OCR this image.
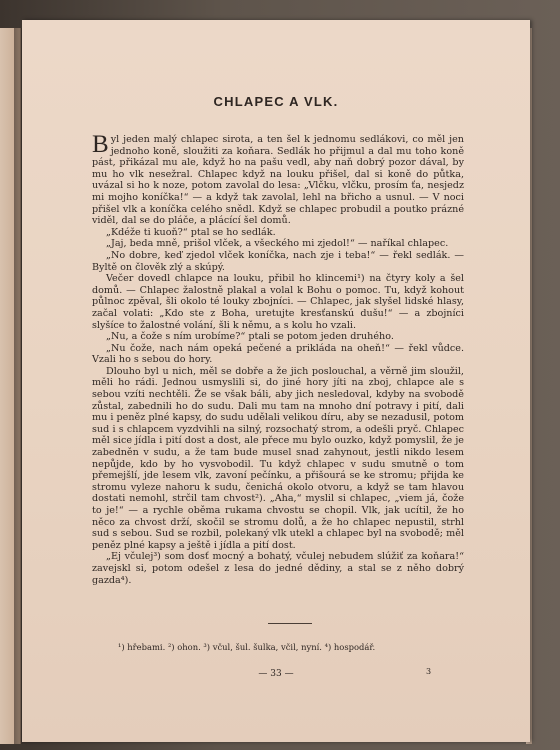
CHLAPEC A VLK.

Byl jeden malý chlapec sirota, a ten šel k jednomu sedlákovi, co měl jen jednoho koně, sloužiti za koňara. Sedlák ho přijmul a dal mu toho koně pást, přikázal mu ale, když ho na pašu vedl, aby naň dobrý pozor dával, by mu ho vlk nesežral. Chlapec když na louku přišel, dal si koně do půtka, uvázal si ho k noze, potom zavolal do lesa: „Vlčku, vlčku, prosím ťa, nesjedz mi mojho koníčka!“ — a když tak zavolal, lehl na břicho a usnul. — V noci přišel vlk a koníčka celého snědl. Když se chlapec probudil a poutko prázné viděl, dal se do pláče, a plácící šel domů.

„Kdéže ti kuoň?“ ptal se ho sedlák.

„Jaj, beda mně, prišol vlček, a všeckého mi zjedol!“ — naříkal chlapec.

„No dobre, keď zjedol vlček koníčka, nach zje i teba!“ — řekl sedlák. — Byltě on člověk zlý a skúpý.

Večer dovedl chlapce na louku, přibil ho klincemi¹) na čtyry koly a šel domů. — Chlapec žalostně plakal a volal k Bohu o pomoc. Tu, když kohout půlnoc zpěval, šli okolo té louky zbojníci. — Chlapec, jak slyšel lidské hlasy, začal volati: „Kdo ste z Boha, uretujte kresťanskú dušu!“ — a zbojníci slyšíce to žalostné volání, šli k němu, a s kolu ho vzali.

„Nu, a čože s ním urobíme?“ ptali se potom jeden druhého.

„Nu čože, nach nám opeká pečené a prikláda na oheň!“ — řekl vůdce. Vzali ho s sebou do hory.

Dlouho byl u nich, měl se dobře a že jich poslouchal, a věrně jim sloužil, měli ho rádi. Jednou usmyslili si, do jiné hory jíti na zboj, chlapce ale s sebou vzíti nechtěli. Že se však báli, aby jich nesledoval, kdyby na svobodě zůstal, zabednili ho do sudu. Dali mu tam na mnoho dní potravy i pití, dali mu i peněz plné kapsy, do sudu udělali velikou díru, aby se nezadusil, potom sud i s chlapcem vyzdvihli na silný, rozsochatý strom, a odešli pryč. Chlapec měl sice jídla i pití dost a dost, ale přece mu bylo ouzko, když pomyslil, že je zabedněn v sudu, a že tam bude musel snad zahynout, jestli nikdo lesem nepůjde, kdo by ho vysvobodil. Tu když chlapec v sudu smutně o tom přemejšlí, jde lesem vlk, zavoní pečínku, a přišourá se ke stromu; přijda ke stromu vyleze nahoru k sudu, čenichá okolo otvoru, a když se tam hlavou dostati nemohl, strčil tam chvost²). „Aha,“ myslil si chlapec, „viem já, čože to je!“ — a rychle oběma rukama chvostu se chopil. Vlk, jak ucítil, že ho něco za chvost drží, skočil se stromu dolů, a že ho chlapec nepustil, strhl sud s sebou. Sud se rozbil, polekaný vlk utekl a chlapec byl na svobodě; měl peněz plné kapsy a ještě i jídla a pití dost.

„Ej včulej³) som dosť mocný a bohatý, včulej nebudem slúžiť za koňara!“ zavejskl si, potom odešel z lesa do jedné dědiny, a stal se z něho dobrý gazda⁴).

¹) hřebami. ²) ohon. ³) včul, šul. šulka, včil, nyní. ⁴) hospodář.

— 33 —	3
